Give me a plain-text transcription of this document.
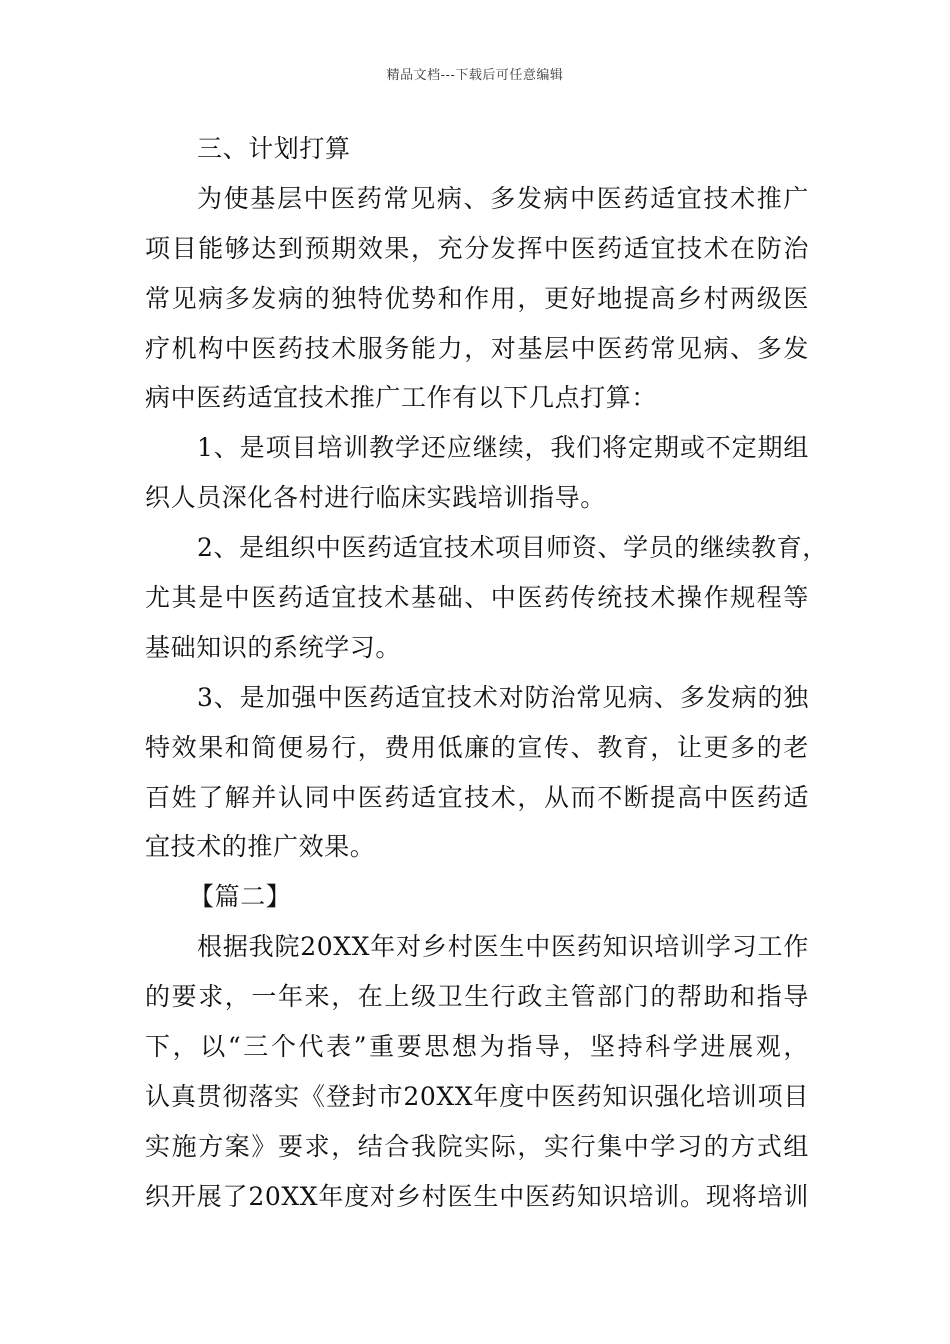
精品文档---下载后可任意编辑
三、计划打算
为使基层中医药常见病、多发病中医药适宜技术推广
项目能够达到预期效果，充分发挥中医药适宜技术在防治
常见病多发病的独特优势和作用，更好地提高乡村两级医
疗机构中医药技术服务能力，对基层中医药常见病、多发
病中医药适宜技术推广工作有以下几点打算：
1、是项目培训教学还应继续，我们将定期或不定期组
织人员深化各村进行临床实践培训指导。
2、是组织中医药适宜技术项目师资、学员的继续教育，
尤其是中医药适宜技术基础、中医药传统技术操作规程等
基础知识的系统学习。
3、是加强中医药适宜技术对防治常见病、多发病的独
特效果和简便易行，费用低廉的宣传、教育，让更多的老
百姓了解并认同中医药适宜技术，从而不断提高中医药适
宜技术的推广效果。
【篇二】
根据我院20XX年对乡村医生中医药知识培训学习工作
的要求，一年来，在上级卫生行政主管部门的帮助和指导
下，以“三个代表”重要思想为指导，坚持科学进展观，
认真贯彻落实《登封市20XX年度中医药知识强化培训项目
实施方案》要求，结合我院实际，实行集中学习的方式组
织开展了20XX年度对乡村医生中医药知识培训。现将培训
